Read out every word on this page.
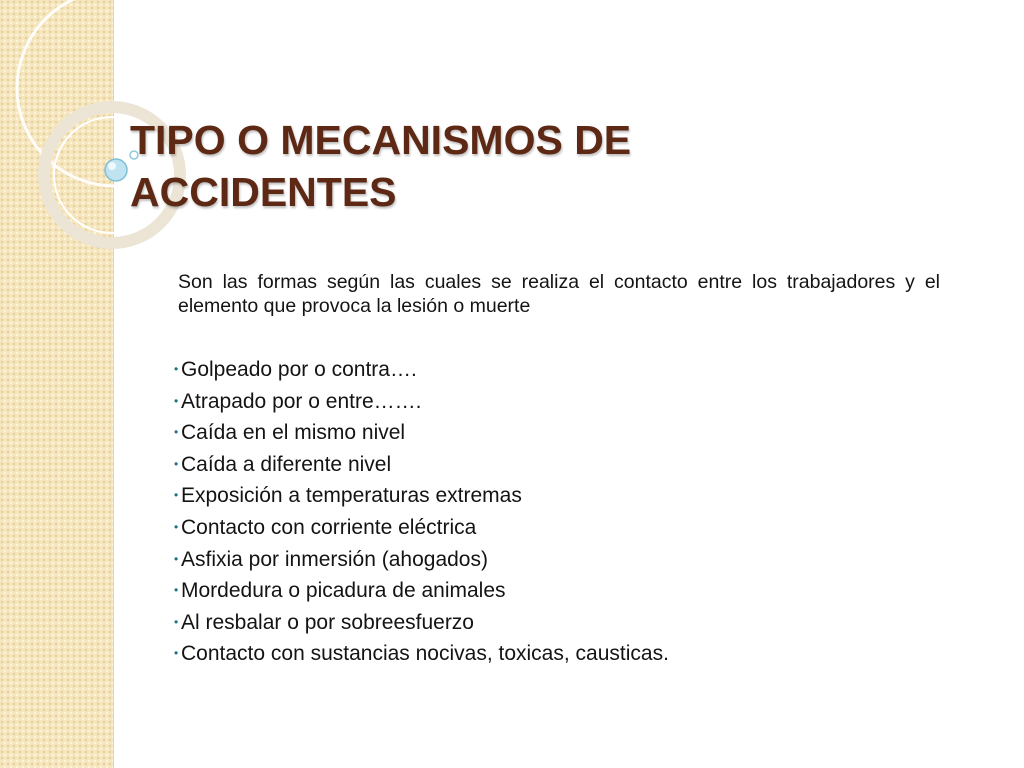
TIPO O MECANISMOS DE ACCIDENTES

Son las formas según las cuales se realiza el contacto entre los trabajadores y el elemento que provoca la lesión o muerte

• Golpeado por o contra….
• Atrapado por o entre…….
• Caída en el mismo nivel
• Caída a diferente nivel
• Exposición a temperaturas extremas
• Contacto con corriente eléctrica
• Asfixia por inmersión (ahogados)
• Mordedura o picadura de animales
• Al resbalar o por sobreesfuerzo
• Contacto con sustancias nocivas, toxicas, causticas.
